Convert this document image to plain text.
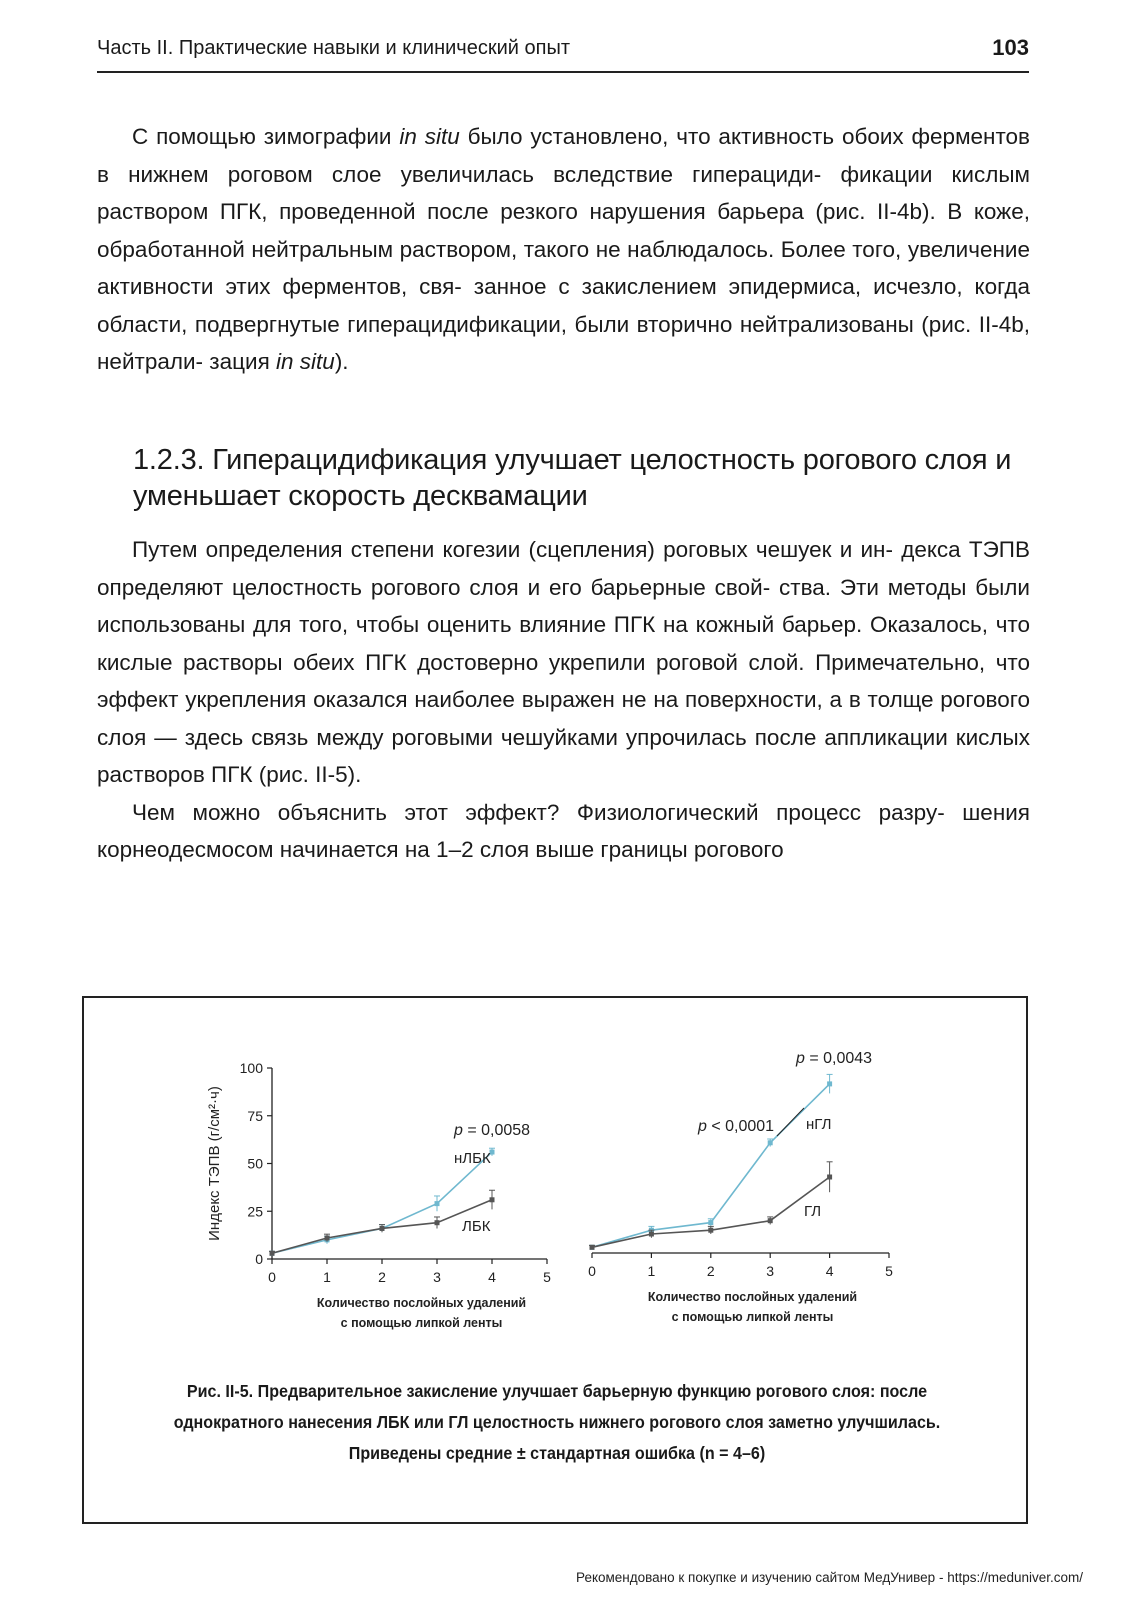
Часть II. Практические навыки и клинический опыт	103

С помощью зимографии in situ было установлено, что активность обоих ферментов в нижнем роговом слое увеличилась вследствие гиперациди- фикации кислым раствором ПГК, проведенной после резкого нарушения барьера (рис. II-4b). В коже, обработанной нейтральным раствором, такого не наблюдалось. Более того, увеличение активности этих ферментов, свя- занное с закислением эпидермиса, исчезло, когда области, подвергнутые гиперацидификации, были вторично нейтрализованы (рис. II-4b, нейтрали- зация in situ).

1.2.3. Гиперацидификация улучшает целостность рогового слоя и уменьшает скорость десквамации

Путем определения степени когезии (сцепления) роговых чешуек и ин- декса ТЭПВ определяют целостность рогового слоя и его барьерные свой- ства. Эти методы были использованы для того, чтобы оценить влияние ПГК на кожный барьер. Оказалось, что кислые растворы обеих ПГК достоверно укрепили роговой слой. Примечательно, что эффект укрепления оказался наиболее выражен не на поверхности, а в толще рогового слоя — здесь связь между роговыми чешуйками упрочилась после аппликации кислых растворов ПГК (рис. II-5).

Чем можно объяснить этот эффект? Физиологический процесс разру- шения корнеодесмосом начинается на 1–2 слоя выше границы рогового

0	1	2	3	4	5
0
25
50
75
100
Индекс ТЭПВ (г/см²·ч)
Количество послойных удалений
с помощью липкой ленты
нЛБК
ЛБК
p = 0,0058
0	1	2	3	4	5
Количество послойных удалений
с помощью липкой ленты
нГЛ
ГЛ
p < 0,0001
p = 0,0043
Рис. II-5. Предварительное закисление улучшает барьерную функцию рогового слоя: после однократного нанесения ЛБК или ГЛ целостность нижнего рогового слоя заметно улучшилась. Приведены средние ± стандартная ошибка (n = 4–6)
Рекомендовано к покупке и изучению сайтом МедУнивер - https://meduniver.com/
